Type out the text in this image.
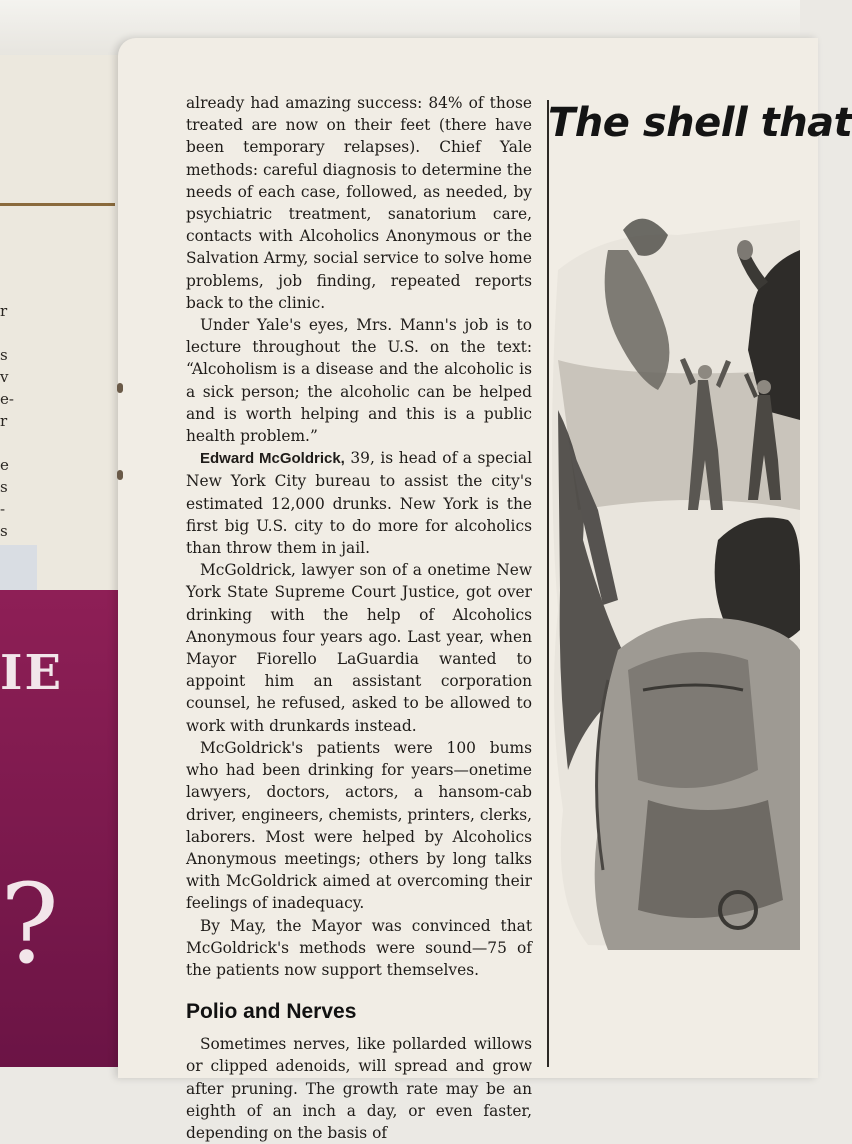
r
s
v
e-
r
e
s
-
s
IE
?

already had amazing success: 84% of those treated are now on their feet (there have been temporary relapses). Chief Yale methods: careful diagnosis to determine the needs of each case, followed, as needed, by psychiatric treatment, sanatorium care, contacts with Alcoholics Anonymous or the Salvation Army, social service to solve home problems, job finding, repeated reports back to the clinic.

Under Yale's eyes, Mrs. Mann's job is to lecture throughout the U.S. on the text: “Alcoholism is a disease and the alcoholic is a sick person; the alcoholic can be helped and is worth helping and this is a public health problem.”

Edward McGoldrick, 39, is head of a special New York City bureau to assist the city's estimated 12,000 drunks. New York is the first big U.S. city to do more for alcoholics than throw them in jail.

McGoldrick, lawyer son of a onetime New York State Supreme Court Justice, got over drinking with the help of Alcoholics Anonymous four years ago. Last year, when Mayor Fiorello LaGuardia wanted to appoint him an assistant corporation counsel, he refused, asked to be allowed to work with drunkards instead.

McGoldrick's patients were 100 bums who had been drinking for years—onetime lawyers, doctors, actors, a hansom-cab driver, engineers, chemists, printers, clerks, laborers. Most were helped by Alcoholics Anonymous meetings; others by long talks with McGoldrick aimed at overcoming their feelings of inadequacy.

By May, the Mayor was convinced that McGoldrick's methods were sound—75 of the patients now support themselves.

Polio and Nerves

Sometimes nerves, like pollarded willows or clipped adenoids, will spread and grow after pruning. The growth rate may be an eighth of an inch a day, or even faster, depending on the basis of

The shell that
